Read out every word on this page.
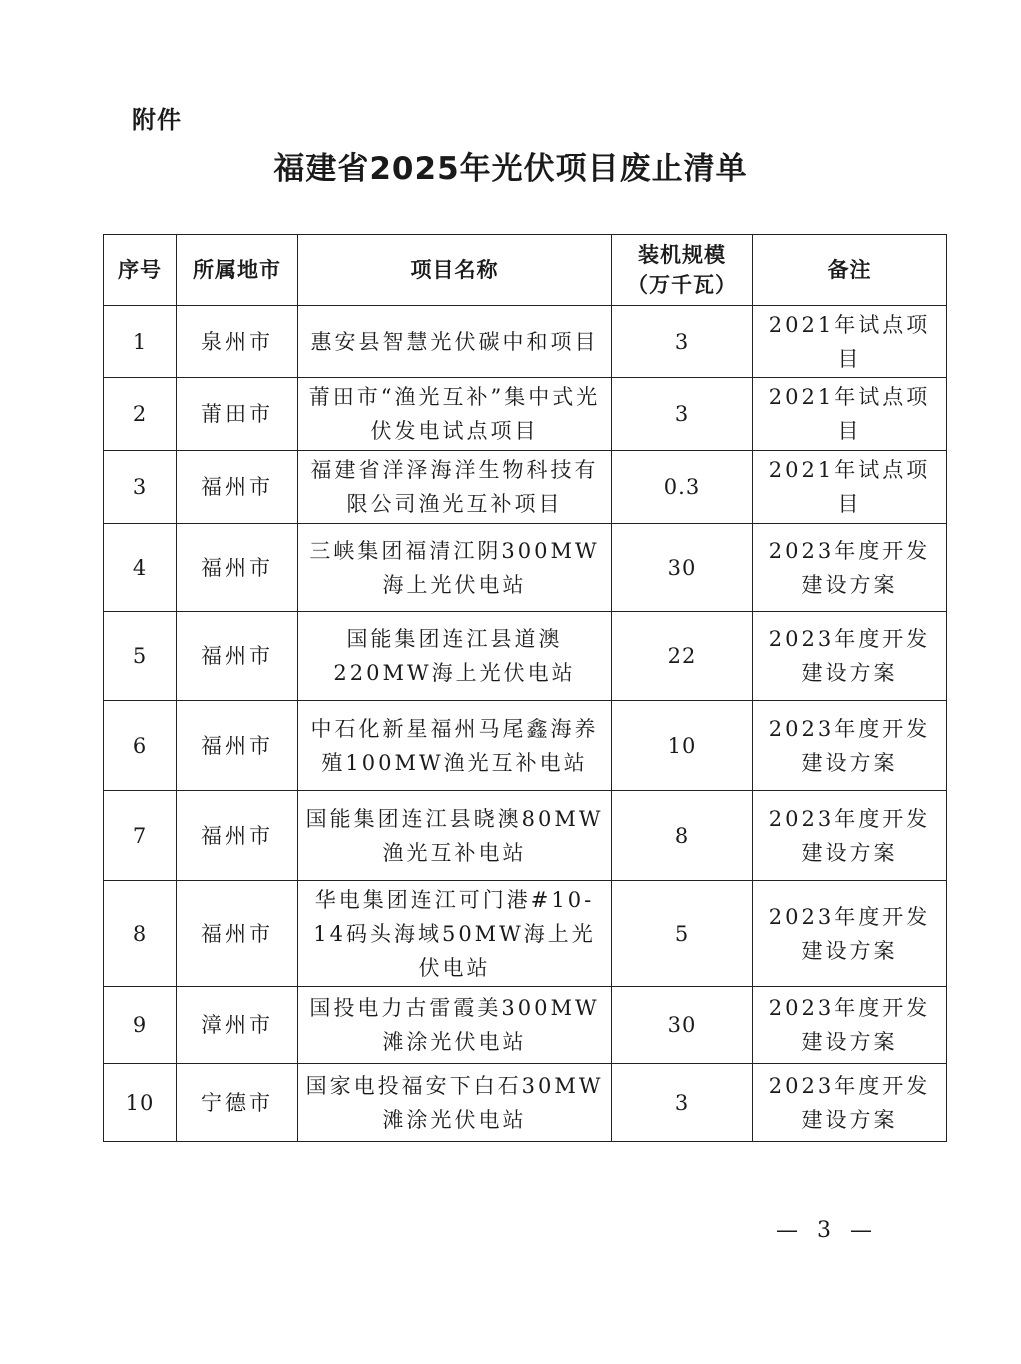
附件
福建省2025年光伏项目废止清单
序号	所属地市	项目名称	装机规模（万千瓦）	备注
1	泉州市	惠安县智慧光伏碳中和项目	3	2021年试点项目
2	莆田市	莆田市“渔光互补”集中式光伏发电试点项目	3	2021年试点项目
3	福州市	福建省洋泽海洋生物科技有限公司渔光互补项目	0.3	2021年试点项目
4	福州市	三峡集团福清江阴300MW海上光伏电站	30	2023年度开发建设方案
5	福州市	国能集团连江县道澳220MW海上光伏电站	22	2023年度开发建设方案
6	福州市	中石化新星福州马尾鑫海养殖100MW渔光互补电站	10	2023年度开发建设方案
7	福州市	国能集团连江县晓澳80MW渔光互补电站	8	2023年度开发建设方案
8	福州市	华电集团连江可门港#10-14码头海域50MW海上光伏电站	5	2023年度开发建设方案
9	漳州市	国投电力古雷霞美300MW滩涂光伏电站	30	2023年度开发建设方案
10	宁德市	国家电投福安下白石30MW滩涂光伏电站	3	2023年度开发建设方案
— 3 —
